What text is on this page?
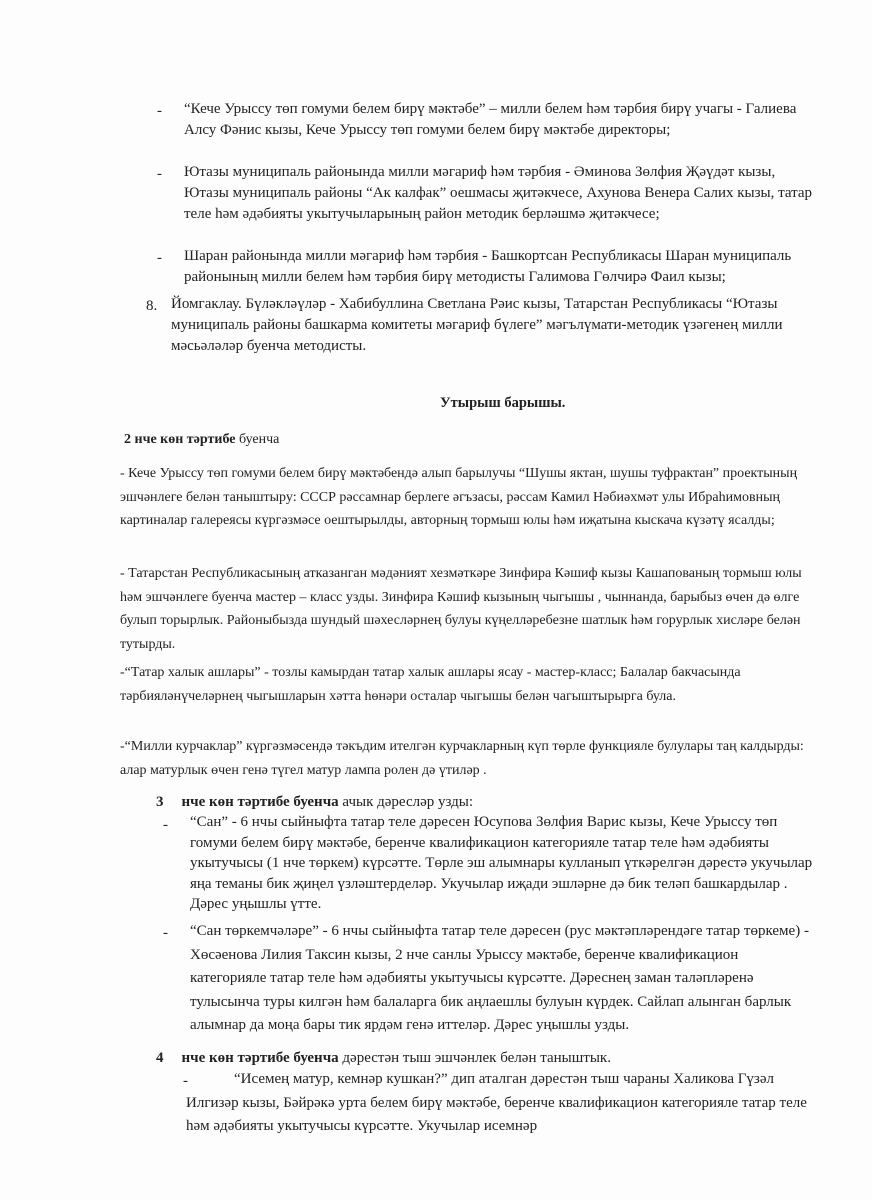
- “Кече Урыссу төп гомуми белем бирү мәктәбе” – милли белем һәм тәрбия бирү учагы - Галиева Алсу Фәнис кызы, Кече Урыссу төп гомуми белем бирү мәктәбе директоры;
- Ютазы муниципаль районында милли мәгариф һәм тәрбия - Әминова Зөлфия Җәүдәт кызы, Ютазы муниципаль районы “Ак калфак” оешмасы җитәкчесе, Ахунова Венера Салих кызы, татар теле һәм әдәбияты укытучыларының район методик берләшмә җитәкчесе;
- Шаран районында милли мәгариф һәм тәрбия - Башкортсан Республикасы Шаран муниципаль районының милли белем һәм тәрбия бирү методисты Галимова Гөлчирә Фаил кызы;
8. Йомгаклау. Бүләкләүләр - Хабибуллина Светлана Рәис кызы, Татарстан Республикасы “Ютазы муниципаль районы башкарма комитеты мәгариф бүлеге” мәгълүмати-методик үзәгенең милли мәсьәләләр буенча методисты.
Утырыш барышы.
2 нче көн тәртибе буенча
- Кече Урыссу төп гомуми белем бирү мәктәбендә алып барылучы “Шушы яктан, шушы туфрактан” проектының эшчәнлеге белән таныштыру: СССР рәссамнар берлеге әгъзасы, рәссам Камил Нәбиәхмәт улы Ибраһимовның картиналар галереясы күргәзмәсе оештырылды, авторның тормыш юлы һәм иҗатына кыскача күзәтү ясалды;
- Татарстан Республикасының атказанган мәдәният хезмәткәре Зинфира Кәшиф кызы Кашапованың тормыш юлы һәм эшчәнлеге буенча мастер – класс узды. Зинфира Кәшиф кызының чыгышы , чыннанда, барыбыз өчен дә өлге булып торырлык. Районыбызда шундый шәхесләрнең булуы күңелләребезне шатлык һәм горурлык хисләре белән тутырды.
-“Татар халык ашлары” - тозлы камырдан татар халык ашлары ясау - мастер-класс; Балалар бакчасында тәрбияләнүчеләрнең чыгышларын хәтта һөнәри осталар чыгышы белән чагыштырырга була.
-“Милли курчаклар” күргәзмәсендә тәкъдим ителгән курчакларның күп төрле функцияле булулары таң калдырды: алар матурлык өчен генә түгел матур лампа ролен дә үтиләр .
3 нче көн тәртибе буенча ачык дәресләр узды:
- “Сан” - 6 нчы сыйныфта татар теле дәресен Юсупова Зөлфия Варис кызы, Кече Урыссу төп гомуми белем бирү мәктәбе, беренче квалификацион категорияле татар теле һәм әдәбияты укытучысы (1 нче төркем) күрсәтте. Төрле эш алымнары кулланып үткәрелгән дәрестә укучылар яңа теманы бик җиңел үзләштерделәр. Укучылар иҗади эшләрне дә бик теләп башкардылар . Дәрес уңышлы үтте.
- “Сан төркемчәләре” - 6 нчы сыйныфта татар теле дәресен (рус мәктәпләрендәге татар төркеме) - Хөсәенова Лилия Таксин кызы, 2 нче санлы Урыссу мәктәбе, беренче квалификацион категорияле татар теле һәм әдәбияты укытучысы күрсәтте. Дәреснең заман таләпләренә тулысынча туры килгән һәм балаларга бик аңлаешлы булуын күрдек. Сайлап алынган барлык алымнар да моңа бары тик ярдәм генә иттеләр. Дәрес уңышлы узды.
4 нче көн тәртибе буенча дәрестән тыш эшчәнлек белән таныштык.
-	“Исемең матур, кемнәр кушкан?” дип аталган дәрестән тыш чараны Халикова Гүзәл Илгизәр кызы, Бәйрәкә урта белем бирү мәктәбе, беренче квалификацион категорияле татар теле һәм әдәбияты укытучысы күрсәтте. Укучылар исемнәр
